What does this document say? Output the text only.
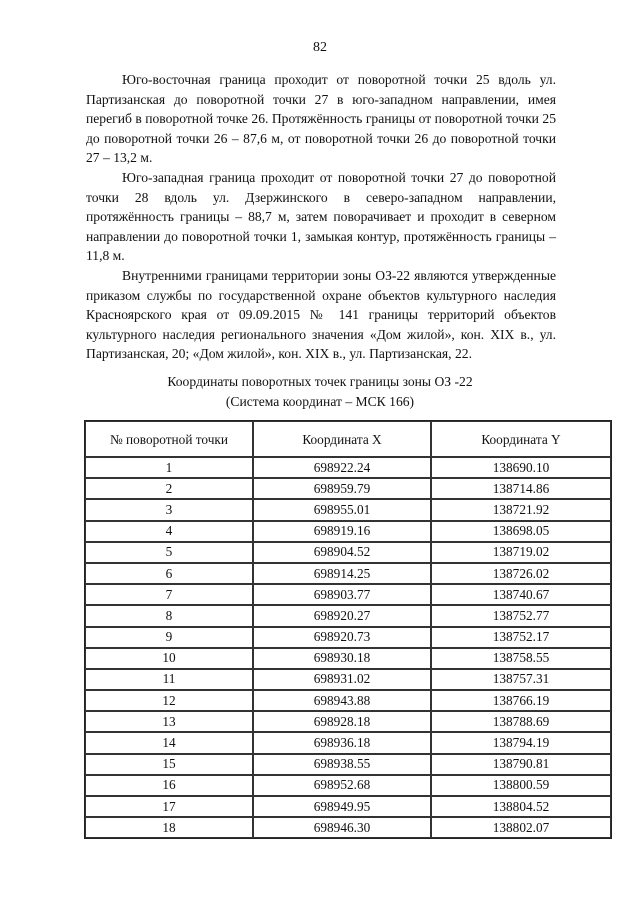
82

Юго-восточная граница проходит от поворотной точки 25 вдоль ул. Партизанская до поворотной точки 27 в юго-западном направлении, имея перегиб в поворотной точке 26. Протяжённость границы от поворотной точки 25 до поворотной точки 26 – 87,6 м, от поворотной точки 26 до поворотной точки 27 – 13,2 м.

Юго-западная граница проходит от поворотной точки 27 до поворотной точки 28 вдоль ул. Дзержинского в северо-западном направлении, протяжённость границы – 88,7 м, затем поворачивает и проходит в северном направлении до поворотной точки 1, замыкая контур, протяжённость границы – 11,8 м.

Внутренними границами территории зоны ОЗ-22 являются утвержденные приказом службы по государственной охране объектов культурного наследия Красноярского края от 09.09.2015 № 141 границы территорий объектов культурного наследия регионального значения «Дом жилой», кон. XIX в., ул. Партизанская, 20; «Дом жилой», кон. XIX в., ул. Партизанская, 22.

Координаты поворотных точек границы зоны ОЗ -22
(Система координат – МСК 166)
№ поворотной точки	Координата X	Координата Y
1	698922.24	138690.10
2	698959.79	138714.86
3	698955.01	138721.92
4	698919.16	138698.05
5	698904.52	138719.02
6	698914.25	138726.02
7	698903.77	138740.67
8	698920.27	138752.77
9	698920.73	138752.17
10	698930.18	138758.55
11	698931.02	138757.31
12	698943.88	138766.19
13	698928.18	138788.69
14	698936.18	138794.19
15	698938.55	138790.81
16	698952.68	138800.59
17	698949.95	138804.52
18	698946.30	138802.07
